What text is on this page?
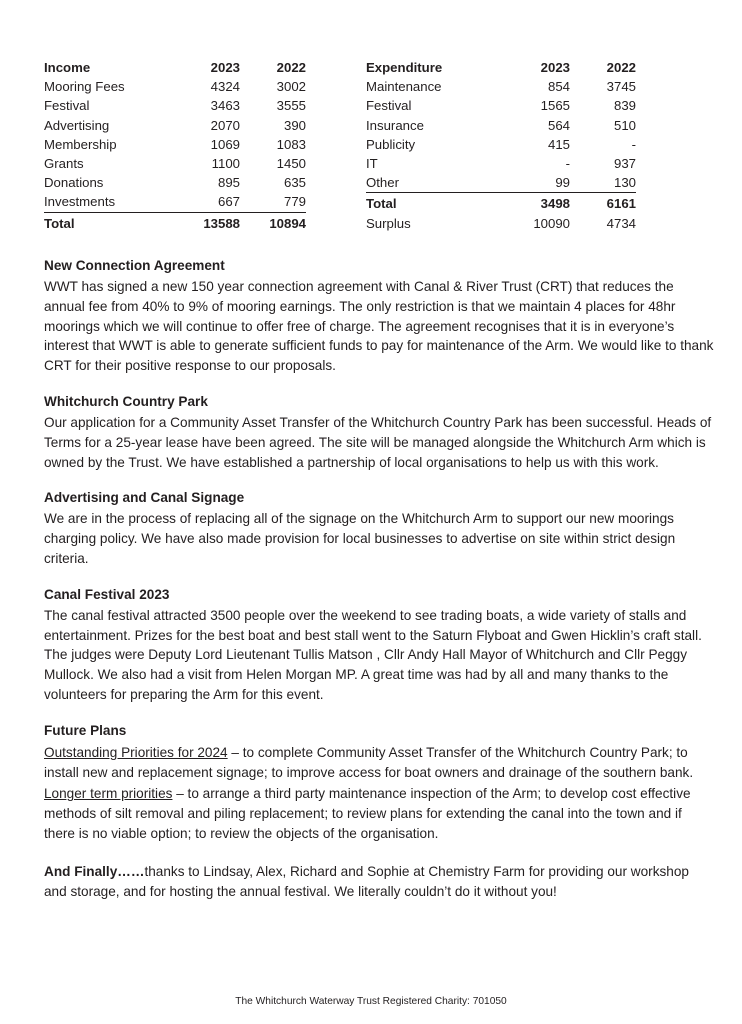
Income	2023	2022
Mooring Fees	4324	3002
Festival	3463	3555
Advertising	2070	390
Membership	1069	1083
Grants	1100	1450
Donations	895	635
Investments	667	779
Total	13588	10894
Expenditure	2023	2022
Maintenance	854	3745
Festival	1565	839
Insurance	564	510
Publicity	415	-
IT	-	937
Other	99	130
Total	3498	6161
Surplus	10090	4734

New Connection Agreement

WWT has signed a new 150 year connection agreement with Canal & River Trust (CRT) that reduces the annual fee from 40% to 9% of mooring earnings. The only restriction is that we maintain 4 places for 48hr moorings which we will continue to offer free of charge. The agreement recognises that it is in everyone’s interest that WWT is able to generate sufficient funds to pay for maintenance of the Arm. We would like to thank CRT for their positive response to our proposals.

Whitchurch Country Park

Our application for a Community Asset Transfer of the Whitchurch Country Park has been successful. Heads of Terms for a 25-year lease have been agreed. The site will be managed alongside the Whitchurch Arm which is owned by the Trust. We have established a partnership of local organisations to help us with this work.

Advertising and Canal Signage

We are in the process of replacing all of the signage on the Whitchurch Arm to support our new moorings charging policy. We have also made provision for local businesses to advertise on site within strict design criteria.

Canal Festival 2023

The canal festival attracted 3500 people over the weekend to see trading boats, a wide variety of stalls and entertainment. Prizes for the best boat and best stall went to the Saturn Flyboat and Gwen Hicklin’s craft stall. The judges were Deputy Lord Lieutenant Tullis Matson , Cllr Andy Hall Mayor of Whitchurch and Cllr Peggy Mullock. We also had a visit from Helen Morgan MP. A great time was had by all and many thanks to the volunteers for preparing the Arm for this event.

Future Plans

Outstanding Priorities for 2024 – to complete Community Asset Transfer of the Whitchurch Country Park; to install new and replacement signage; to improve access for boat owners and drainage of the southern bank.

Longer term priorities – to arrange a third party maintenance inspection of the Arm; to develop cost effective methods of silt removal and piling replacement; to review plans for extending the canal into the town and if there is no viable option; to review the objects of the organisation.

And Finally……thanks to Lindsay, Alex, Richard and Sophie at Chemistry Farm for providing our workshop and storage, and for hosting the annual festival. We literally couldn’t do it without you!

The Whitchurch Waterway Trust Registered Charity: 701050
